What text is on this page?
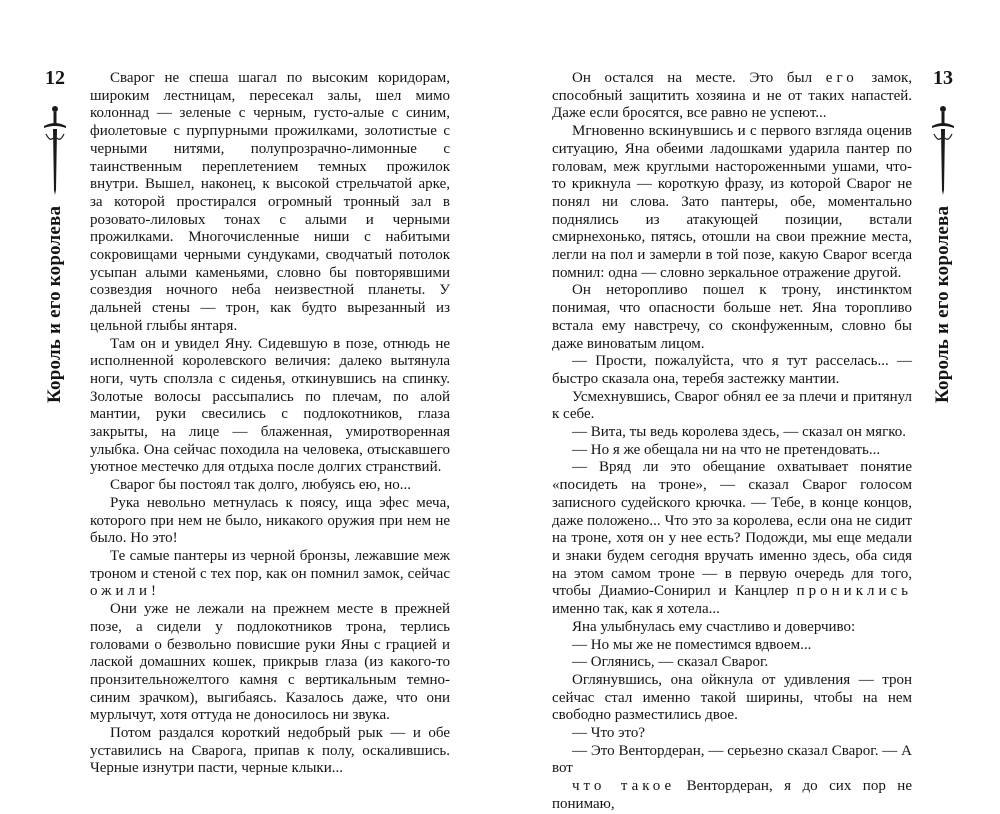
12
Король и его королева

Сварог не спеша шагал по высоким коридорам, широким лестницам, пересекал залы, шел мимо колоннад — зеленые с черным, густо-алые с синим, фиолетовые с пурпурными прожилками, золотистые с черными нитями, полупрозрачно-лимонные с таинственным переплетением темных прожилок внутри. Вышел, наконец, к высокой стрельчатой арке, за которой простирался огромный тронный зал в розовато-лиловых тонах с алыми и черными прожилками. Многочисленные ниши с набитыми сокровищами черными сундуками, сводчатый потолок усыпан алыми каменьями, словно бы повторявшими созвездия ночного неба неизвестной планеты. У дальней стены — трон, как будто вырезанный из цельной глыбы янтаря.

Там он и увидел Яну. Сидевшую в позе, отнюдь не исполненной королевского величия: далеко вытянула ноги, чуть сползла с сиденья, откинувшись на спинку. Золотые волосы рассыпались по плечам, по алой мантии, руки свесились с подлокотников, глаза закрыты, на лице — блаженная, умиротворенная улыбка. Она сейчас походила на человека, отыскавшего уютное местечко для отдыха после долгих странствий.

Сварог бы постоял так долго, любуясь ею, но...

Рука невольно метнулась к поясу, ища эфес меча, которого при нем не было, никакого оружия при нем не было. Но это!

Те самые пантеры из черной бронзы, лежавшие меж троном и стеной с тех пор, как он помнил замок, сейчас ожили!

Они уже не лежали на прежнем месте в прежней позе, а сидели у подлокотников трона, терлись головами о безвольно повисшие руки Яны с грацией и лаской домашних кошек, прикрыв глаза (из какого-то пронзительножелтого камня с вертикальным темно-синим зрачком), выгибаясь. Казалось даже, что они мурлычут, хотя оттуда не доносилось ни звука.

Потом раздался короткий недобрый рык — и обе уставились на Сварога, припав к полу, оскалившись. Черные изнутри пасти, черные клыки...

Он остался на месте. Это был его замок, способный защитить хозяина и не от таких напастей. Даже если бросятся, все равно не успеют...

Мгновенно вскинувшись и с первого взгляда оценив ситуацию, Яна обеими ладошками ударила пантер по головам, меж круглыми настороженными ушами, что-то крикнула — короткую фразу, из которой Сварог не понял ни слова. Зато пантеры, обе, моментально поднялись из атакующей позиции, встали смирнехонько, пятясь, отошли на свои прежние места, легли на пол и замерли в той позе, какую Сварог всегда помнил: одна — словно зеркальное отражение другой.

Он неторопливо пошел к трону, инстинктом понимая, что опасности больше нет. Яна торопливо встала ему навстречу, со сконфуженным, словно бы даже виноватым лицом.

— Прости, пожалуйста, что я тут расселась... — быстро сказала она, теребя застежку мантии.

Усмехнувшись, Сварог обнял ее за плечи и притянул к себе.

— Вита, ты ведь королева здесь, — сказал он мягко.

— Но я же обещала ни на что не претендовать...

— Вряд ли это обещание охватывает понятие «посидеть на троне», — сказал Сварог голосом записного судейского крючка. — Тебе, в конце концов, даже положено... Что это за королева, если она не сидит на троне, хотя он у нее есть? Подожди, мы еще медали и знаки будем сегодня вручать именно здесь, оба сидя на этом самом троне — в первую очередь для того, чтобы Диамио-Сонирил и Канцлер прониклись именно так, как я хотела...

Яна улыбнулась ему счастливо и доверчиво:

— Но мы же не поместимся вдвоем...

— Оглянись, — сказал Сварог.

Оглянувшись, она ойкнула от удивления — трон сейчас стал именно такой ширины, чтобы на нем свободно разместились двое.

— Что это?

— Это Вентордеран, — серьезно сказал Сварог. — А вот

что такое Вентордеран, я до сих пор не понимаю,

13
Король и его королева
